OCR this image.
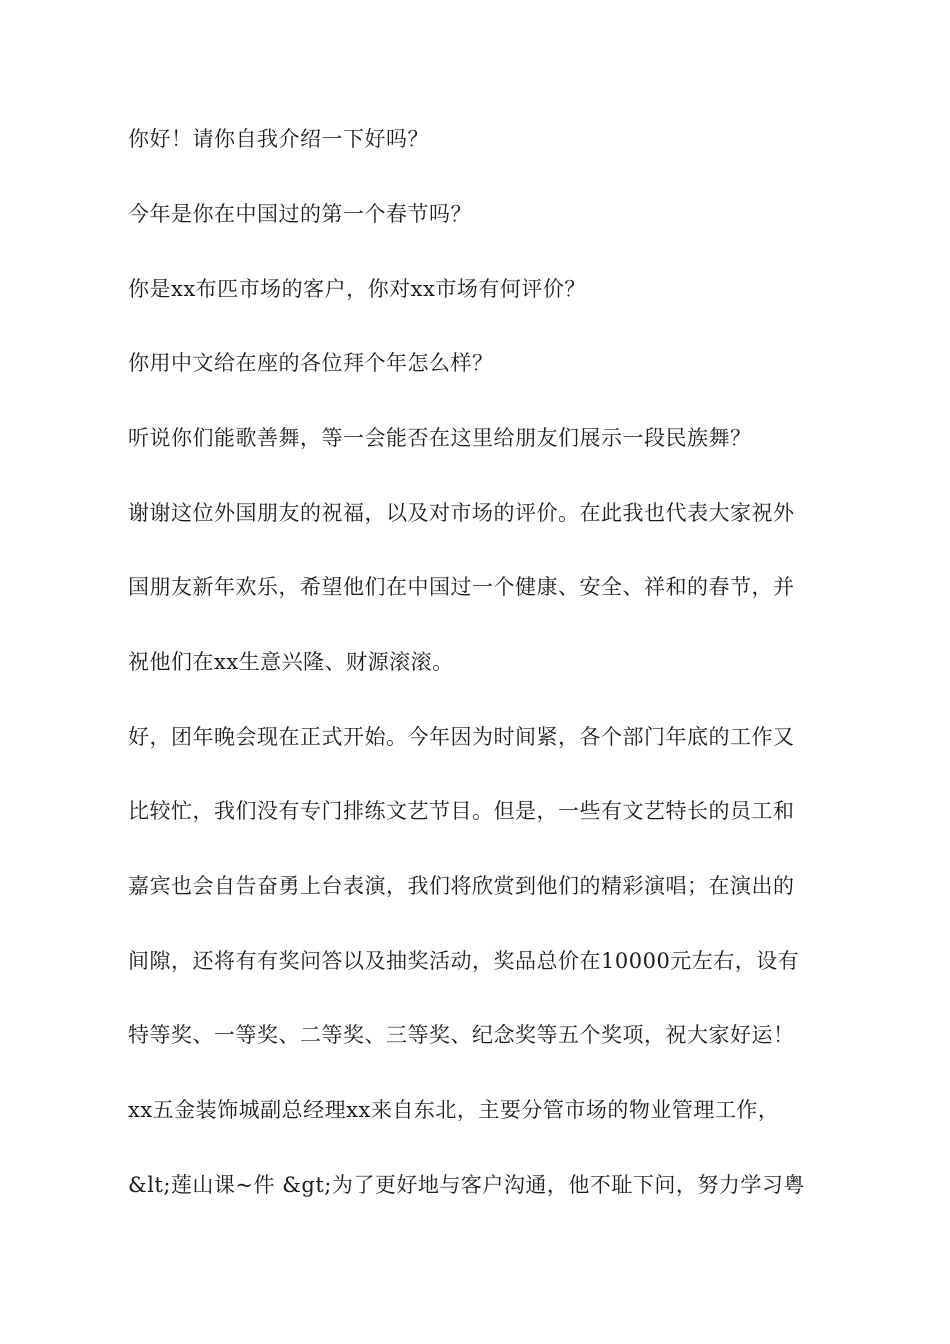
你好！请你自我介绍一下好吗？
今年是你在中国过的第一个春节吗？
你是xx布匹市场的客户，你对xx市场有何评价？
你用中文给在座的各位拜个年怎么样？
听说你们能歌善舞，等一会能否在这里给朋友们展示一段民族舞？
谢谢这位外国朋友的祝福，以及对市场的评价。在此我也代表大家祝外
国朋友新年欢乐，希望他们在中国过一个健康、安全、祥和的春节，并
祝他们在xx生意兴隆、财源滚滚。
好，团年晚会现在正式开始。今年因为时间紧，各个部门年底的工作又
比较忙，我们没有专门排练文艺节目。但是，一些有文艺特长的员工和
嘉宾也会自告奋勇上台表演，我们将欣赏到他们的精彩演唱；在演出的
间隙，还将有有奖问答以及抽奖活动，奖品总价在10000元左右，设有
特等奖、一等奖、二等奖、三等奖、纪念奖等五个奖项，祝大家好运！
xx五金装饰城副总经理xx来自东北，主要分管市场的物业管理工作，
&lt;莲山课~件 &gt;为了更好地与客户沟通，他不耻下问，努力学习粤
